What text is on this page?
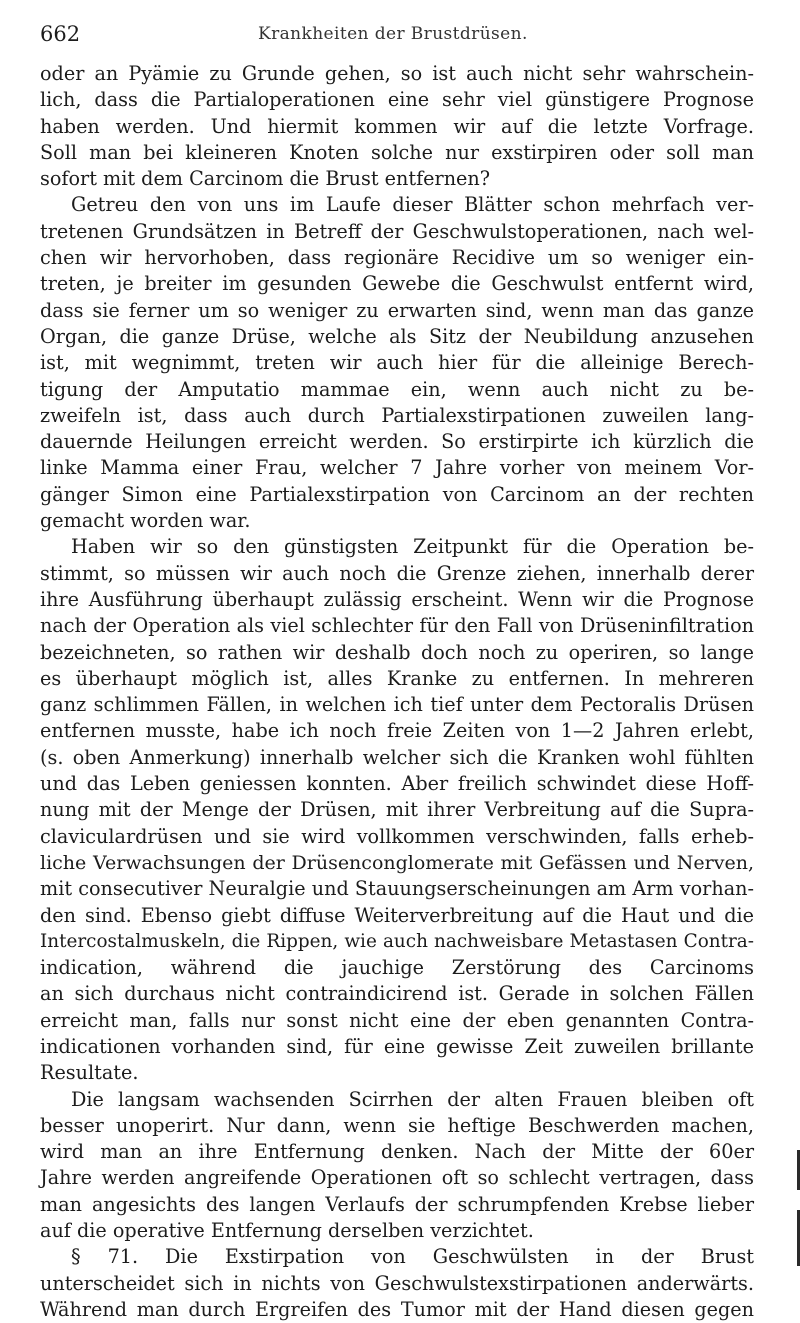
662	Krankheiten der Brustdrüsen.
oder an Pyämie zu Grunde gehen, so ist auch nicht sehr wahrschein-
lich, dass die Partialoperationen eine sehr viel günstigere Prognose
haben werden. Und hiermit kommen wir auf die letzte Vorfrage.
Soll man bei kleineren Knoten solche nur exstirpiren oder soll man
sofort mit dem Carcinom die Brust entfernen?
Getreu den von uns im Laufe dieser Blätter schon mehrfach ver-
tretenen Grundsätzen in Betreff der Geschwulstoperationen, nach wel-
chen wir hervorhoben, dass regionäre Recidive um so weniger ein-
treten, je breiter im gesunden Gewebe die Geschwulst entfernt wird,
dass sie ferner um so weniger zu erwarten sind, wenn man das ganze
Organ, die ganze Drüse, welche als Sitz der Neubildung anzusehen
ist, mit wegnimmt, treten wir auch hier für die alleinige Berech-
tigung der Amputatio mammae ein, wenn auch nicht zu be-
zweifeln ist, dass auch durch Partialexstirpationen zuweilen lang-
dauernde Heilungen erreicht werden. So erstirpirte ich kürzlich die
linke Mamma einer Frau, welcher 7 Jahre vorher von meinem Vor-
gänger Simon eine Partialexstirpation von Carcinom an der rechten
gemacht worden war.
Haben wir so den günstigsten Zeitpunkt für die Operation be-
stimmt, so müssen wir auch noch die Grenze ziehen, innerhalb derer
ihre Ausführung überhaupt zulässig erscheint. Wenn wir die Prognose
nach der Operation als viel schlechter für den Fall von Drüseninfiltration
bezeichneten, so rathen wir deshalb doch noch zu operiren, so lange
es überhaupt möglich ist, alles Kranke zu entfernen. In mehreren
ganz schlimmen Fällen, in welchen ich tief unter dem Pectoralis Drüsen
entfernen musste, habe ich noch freie Zeiten von 1—2 Jahren erlebt,
(s. oben Anmerkung) innerhalb welcher sich die Kranken wohl fühlten
und das Leben geniessen konnten. Aber freilich schwindet diese Hoff-
nung mit der Menge der Drüsen, mit ihrer Verbreitung auf die Supra-
claviculardrüsen und sie wird vollkommen verschwinden, falls erheb-
liche Verwachsungen der Drüsenconglomerate mit Gefässen und Nerven,
mit consecutiver Neuralgie und Stauungserscheinungen am Arm vorhan-
den sind. Ebenso giebt diffuse Weiterverbreitung auf die Haut und die
Intercostalmuskeln, die Rippen, wie auch nachweisbare Metastasen Contra-
indication, während die jauchige Zerstörung des Carcinoms
an sich durchaus nicht contraindicirend ist. Gerade in solchen Fällen
erreicht man, falls nur sonst nicht eine der eben genannten Contra-
indicationen vorhanden sind, für eine gewisse Zeit zuweilen brillante
Resultate.
Die langsam wachsenden Scirrhen der alten Frauen bleiben oft
besser unoperirt. Nur dann, wenn sie heftige Beschwerden machen,
wird man an ihre Entfernung denken. Nach der Mitte der 60er
Jahre werden angreifende Operationen oft so schlecht vertragen, dass
man angesichts des langen Verlaufs der schrumpfenden Krebse lieber
auf die operative Entfernung derselben verzichtet.
§ 71. Die Exstirpation von Geschwülsten in der Brust
unterscheidet sich in nichts von Geschwulstexstirpationen anderwärts.
Während man durch Ergreifen des Tumor mit der Hand diesen gegen
